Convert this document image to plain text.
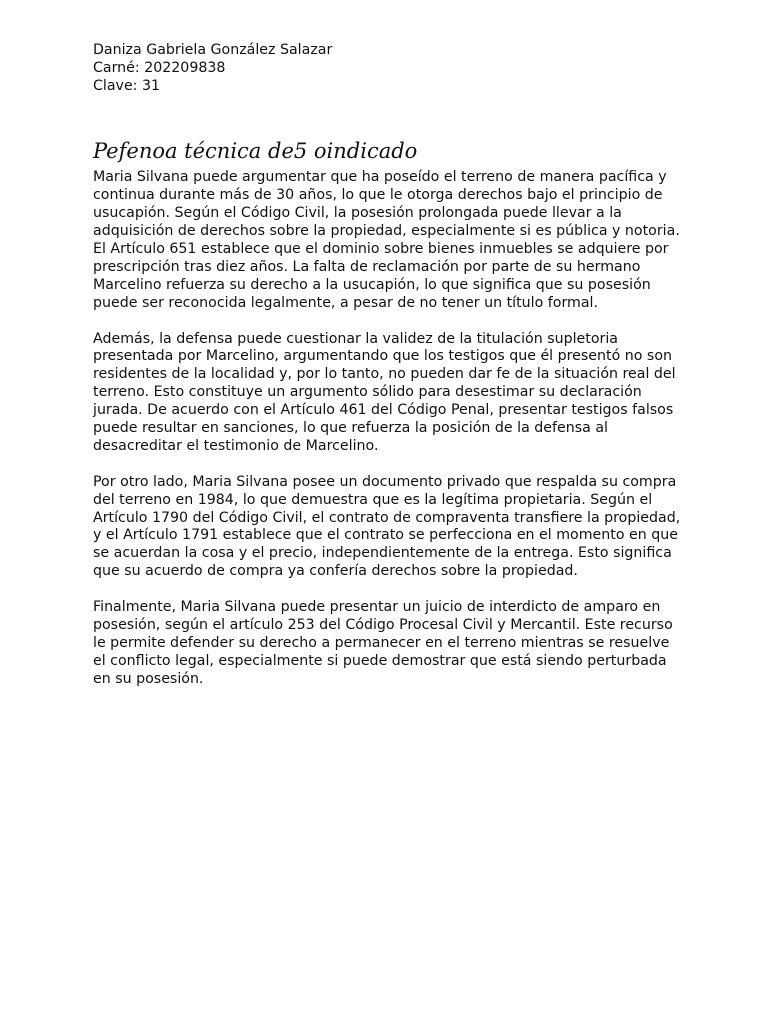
Daniza Gabriela González Salazar

Carné: 202209838

Clave: 31

Pefenoa técnica de5 oindicado

Maria Silvana puede argumentar que ha poseído el terreno de manera pacífica y continua durante más de 30 años, lo que le otorga derechos bajo el principio de usucapión. Según el Código Civil, la posesión prolongada puede llevar a la adquisición de derechos sobre la propiedad, especialmente si es pública y notoria. El Artículo 651 establece que el dominio sobre bienes inmuebles se adquiere por prescripción tras diez años. La falta de reclamación por parte de su hermano Marcelino refuerza su derecho a la usucapión, lo que significa que su posesión puede ser reconocida legalmente, a pesar de no tener un título formal.

Además, la defensa puede cuestionar la validez de la titulación supletoria presentada por Marcelino, argumentando que los testigos que él presentó no son residentes de la localidad y, por lo tanto, no pueden dar fe de la situación real del terreno. Esto constituye un argumento sólido para desestimar su declaración jurada. De acuerdo con el Artículo 461 del Código Penal, presentar testigos falsos puede resultar en sanciones, lo que refuerza la posición de la defensa al desacreditar el testimonio de Marcelino.

Por otro lado, Maria Silvana posee un documento privado que respalda su compra del terreno en 1984, lo que demuestra que es la legítima propietaria. Según el Artículo 1790 del Código Civil, el contrato de compraventa transfiere la propiedad, y el Artículo 1791 establece que el contrato se perfecciona en el momento en que se acuerdan la cosa y el precio, independientemente de la entrega. Esto significa que su acuerdo de compra ya confería derechos sobre la propiedad.

Finalmente, Maria Silvana puede presentar un juicio de interdicto de amparo en posesión, según el artículo 253 del Código Procesal Civil y Mercantil. Este recurso le permite defender su derecho a permanecer en el terreno mientras se resuelve el conflicto legal, especialmente si puede demostrar que está siendo perturbada en su posesión.
